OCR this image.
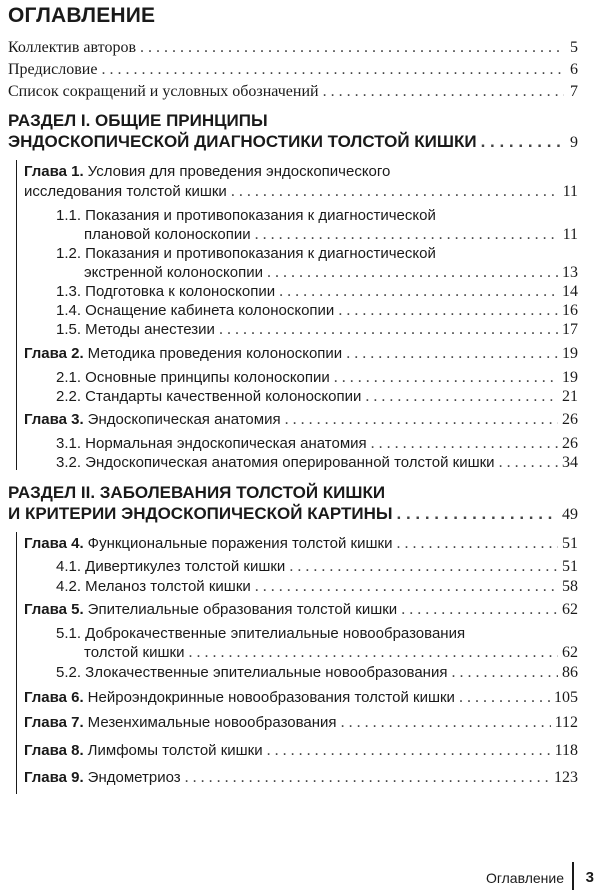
ОГЛАВЛЕНИЕ
Коллектив авторов . . .	5
Предисловие . . .	6
Список сокращений и условных обозначений . . .	7
РАЗДЕЛ I. ОБЩИЕ ПРИНЦИПЫ
ЭНДОСКОПИЧЕСКОЙ ДИАГНОСТИКИ ТОЛСТОЙ КИШКИ . . .	9
Глава 1. Условия для проведения эндоскопического
исследования толстой кишки . . .	11
1.1. Показания и противопоказания к диагностической
плановой колоноскопии . . .	11
1.2. Показания и противопоказания к диагностической
экстренной колоноскопии . . .	13
1.3. Подготовка к колоноскопии . . .	14
1.4. Оснащение кабинета колоноскопии . . .	16
1.5. Методы анестезии . . .	17
Глава 2. Методика проведения колоноскопии . . .	19
2.1. Основные принципы колоноскопии . . .	19
2.2. Стандарты качественной колоноскопии . . .	21
Глава 3. Эндоскопическая анатомия . . .	26
3.1. Нормальная эндоскопическая анатомия . . .	26
3.2. Эндоскопическая анатомия оперированной толстой кишки . . .	34
РАЗДЕЛ II. ЗАБОЛЕВАНИЯ ТОЛСТОЙ КИШКИ
И КРИТЕРИИ ЭНДОСКОПИЧЕСКОЙ КАРТИНЫ . . .	49
Глава 4. Функциональные поражения толстой кишки . . .	51
4.1. Дивертикулез толстой кишки . . .	51
4.2. Меланоз толстой кишки . . .	58
Глава 5. Эпителиальные образования толстой кишки . . .	62
5.1. Доброкачественные эпителиальные новообразования
толстой кишки . . .	62
5.2. Злокачественные эпителиальные новообразования . . .	86
Глава 6. Нейроэндокринные новообразования толстой кишки . . .	105
Глава 7. Мезенхимальные новообразования . . .	112
Глава 8. Лимфомы толстой кишки . . .	118
Глава 9. Эндометриоз . . .	123
Оглавление 3
